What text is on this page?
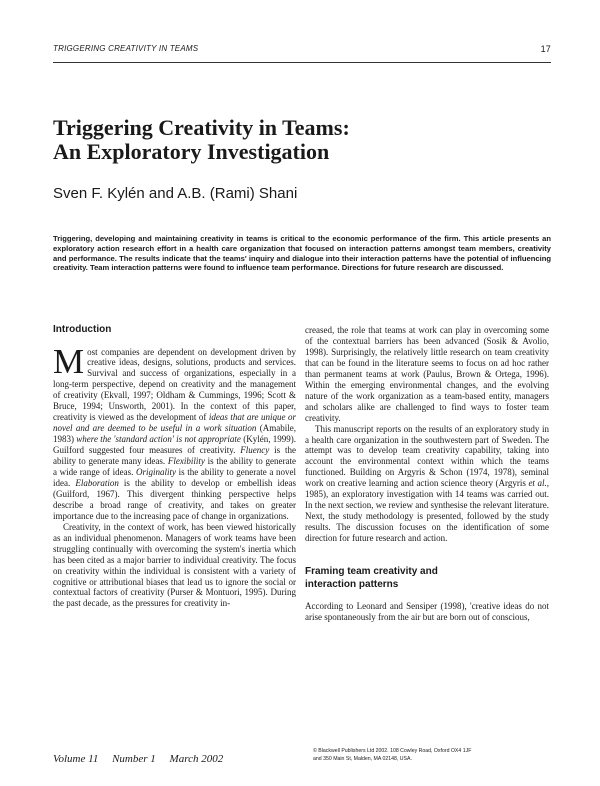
TRIGGERING CREATIVITY IN TEAMS	17
Triggering Creativity in Teams:
An Exploratory Investigation

Sven F. Kylén and A.B. (Rami) Shani

Triggering, developing and maintaining creativity in teams is critical to the economic performance of the firm. This article presents an exploratory action research effort in a health care organization that focused on interaction patterns amongst team members, creativity and performance. The results indicate that the teams' inquiry and dialogue into their interaction patterns have the potential of influencing creativity. Team interaction patterns were found to influence team performance. Directions for future research are discussed.

Introduction

Most companies are dependent on development driven by creative ideas, designs, solutions, products and services. Survival and success of organizations, especially in a long-term perspective, depend on creativity and the management of creativity (Ekvall, 1997; Oldham & Cummings, 1996; Scott & Bruce, 1994; Unsworth, 2001). In the context of this paper, creativity is viewed as the development of ideas that are unique or novel and are deemed to be useful in a work situation (Amabile, 1983) where the 'standard action' is not appropriate (Kylén, 1999). Guilford suggested four measures of creativity. Fluency is the ability to generate many ideas. Flexibility is the ability to generate a wide range of ideas. Originality is the ability to generate a novel idea. Elaboration is the ability to develop or embellish ideas (Guilford, 1967). This divergent thinking perspective helps describe a broad range of creativity, and takes on greater importance due to the increasing pace of change in organizations.

Creativity, in the context of work, has been viewed historically as an individual phenomenon. Managers of work teams have been struggling continually with overcoming the system's inertia which has been cited as a major barrier to individual creativity. The focus on creativity within the individual is consistent with a variety of cognitive or attributional biases that lead us to ignore the social or contextual factors of creativity (Purser & Montuori, 1995). During the past decade, as the pressures for creativity in-

creased, the role that teams at work can play in overcoming some of the contextual barriers has been advanced (Sosik & Avolio, 1998). Surprisingly, the relatively little research on team creativity that can be found in the literature seems to focus on ad hoc rather than permanent teams at work (Paulus, Brown & Ortega, 1996). Within the emerging environmental changes, and the evolving nature of the work organization as a team-based entity, managers and scholars alike are challenged to find ways to foster team creativity.

This manuscript reports on the results of an exploratory study in a health care organization in the southwestern part of Sweden. The attempt was to develop team creativity capability, taking into account the environmental context within which the teams functioned. Building on Argyris & Schon (1974, 1978), seminal work on creative learning and action science theory (Argyris et al., 1985), an exploratory investigation with 14 teams was carried out. In the next section, we review and synthesise the relevant literature. Next, the study methodology is presented, followed by the study results. The discussion focuses on the identification of some direction for future research and action.

Framing team creativity and
interaction patterns

According to Leonard and Sensiper (1998), 'creative ideas do not arise spontaneously from the air but are born out of conscious,

Volume 11 Number 1 March 2002
© Blackwell Publishers Ltd 2002. 108 Cowley Road, Oxford OX4 1JF
and 350 Main St, Malden, MA 02148, USA.
